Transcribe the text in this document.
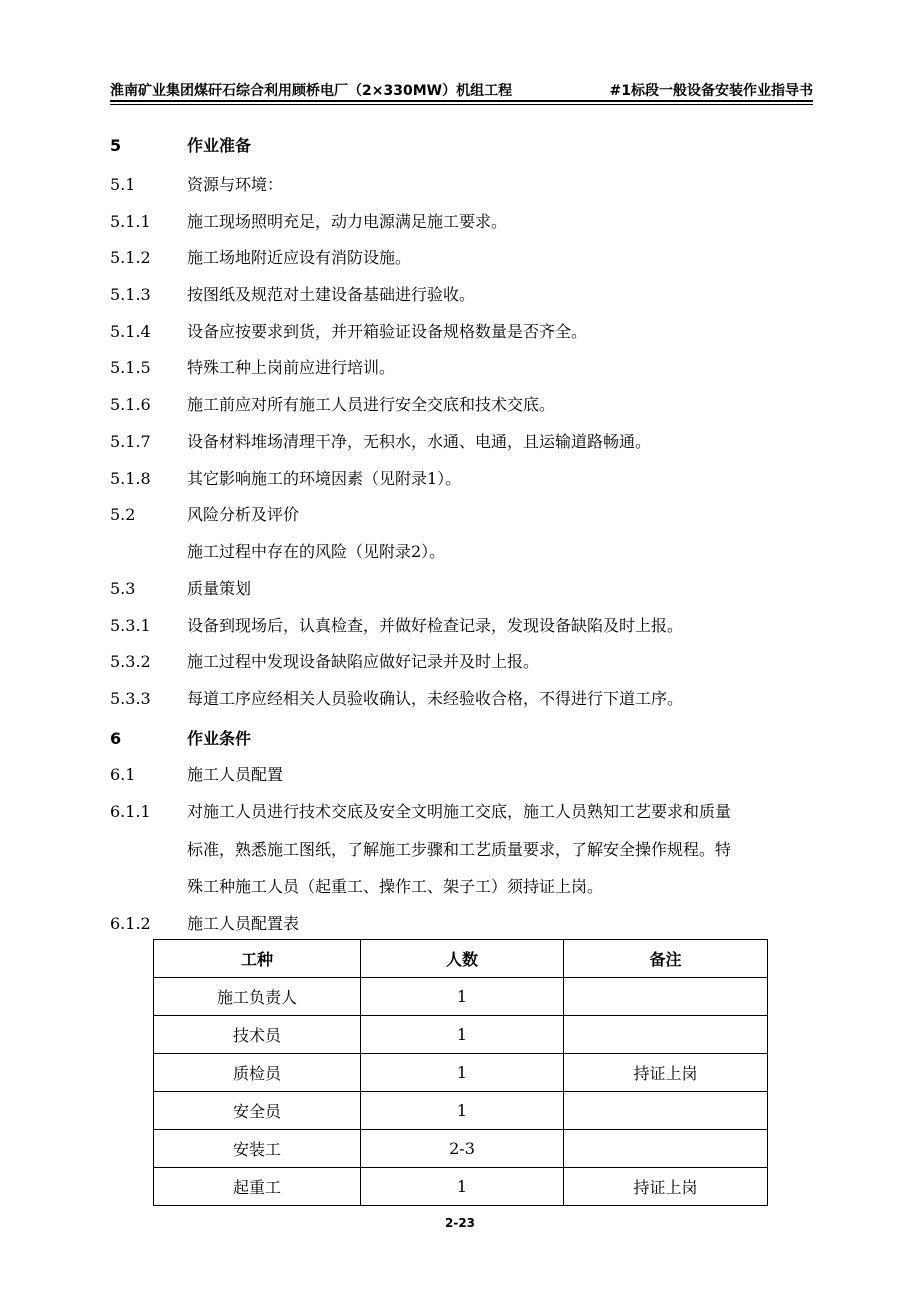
淮南矿业集团煤矸石综合利用顾桥电厂（2×330MW）机组工程	#1标段一般设备安装作业指导书
5	作业准备
5.1	资源与环境：
5.1.1 施工现场照明充足，动力电源满足施工要求。
5.1.2 施工场地附近应设有消防设施。
5.1.3 按图纸及规范对土建设备基础进行验收。
5.1.4 设备应按要求到货，并开箱验证设备规格数量是否齐全。
5.1.5 特殊工种上岗前应进行培训。
5.1.6 施工前应对所有施工人员进行安全交底和技术交底。
5.1.7 设备材料堆场清理干净，无积水，水通、电通，且运输道路畅通。
5.1.8 其它影响施工的环境因素（见附录1）。
5.2	风险分析及评价
施工过程中存在的风险（见附录2）。
5.3	质量策划
5.3.1 设备到现场后，认真检查，并做好检查记录，发现设备缺陷及时上报。
5.3.2 施工过程中发现设备缺陷应做好记录并及时上报。
5.3.3 每道工序应经相关人员验收确认，未经验收合格，不得进行下道工序。
6	作业条件
6.1	施工人员配置
6.1.1 对施工人员进行技术交底及安全文明施工交底，施工人员熟知工艺要求和质量
标准，熟悉施工图纸，了解施工步骤和工艺质量要求，了解安全操作规程。特
殊工种施工人员（起重工、操作工、架子工）须持证上岗。
6.1.2 施工人员配置表
工种	人数	备注
施工负责人	1	
技术员	1	
质检员	1	持证上岗
安全员	1	
安装工	2-3	
起重工	1	持证上岗
2-23
